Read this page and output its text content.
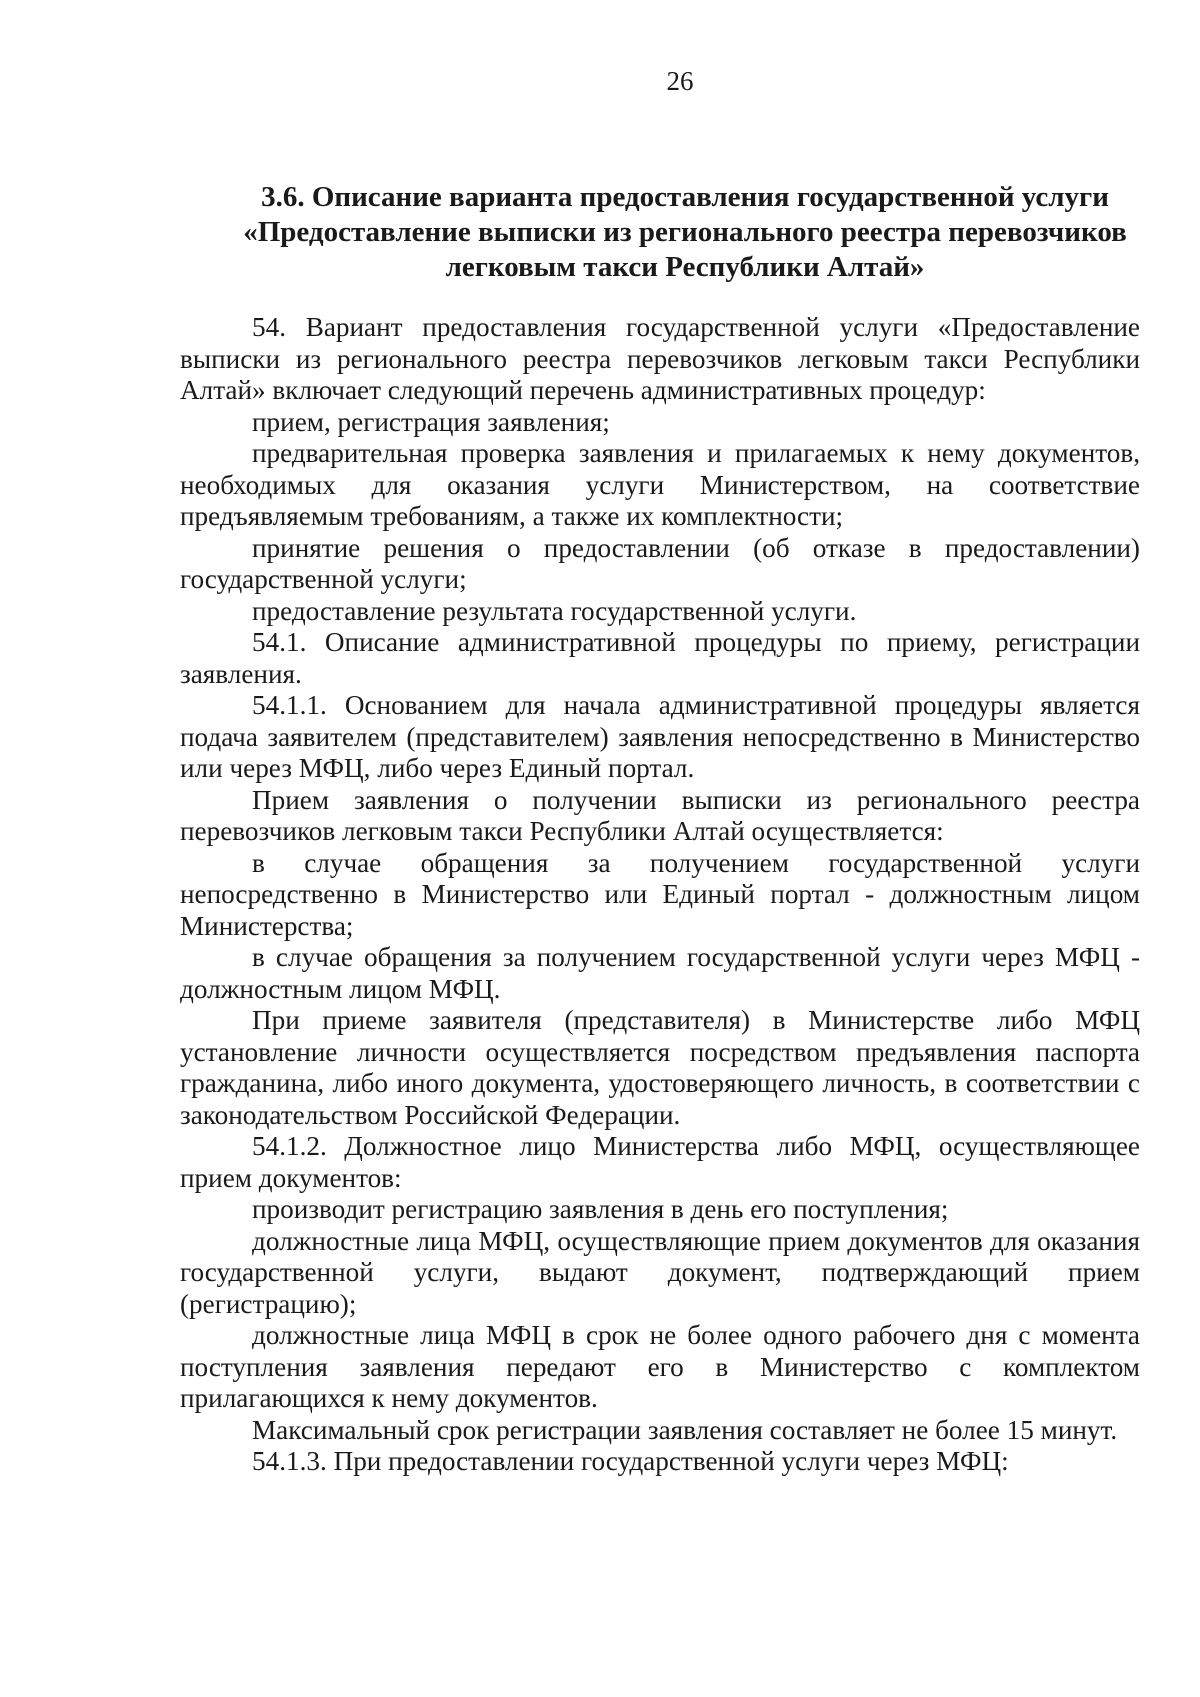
26
3.6. Описание варианта предоставления государственной услуги
«Предоставление выписки из регионального реестра перевозчиков
легковым такси Республики Алтай»

54. Вариант предоставления государственной услуги «Предоставление выписки из регионального реестра перевозчиков легковым такси Республики Алтай» включает следующий перечень административных процедур:

прием, регистрация заявления;

предварительная проверка заявления и прилагаемых к нему документов, необходимых для оказания услуги Министерством, на соответствие предъявляемым требованиям, а также их комплектности;

принятие решения о предоставлении (об отказе в предоставлении) государственной услуги;

предоставление результата государственной услуги.

54.1. Описание административной процедуры по приему, регистрации заявления.

54.1.1. Основанием для начала административной процедуры является подача заявителем (представителем) заявления непосредственно в Министерство или через МФЦ, либо через Единый портал.

Прием заявления о получении выписки из регионального реестра перевозчиков легковым такси Республики Алтай осуществляется:

в случае обращения за получением государственной услуги непосредственно в Министерство или Единый портал - должностным лицом Министерства;

в случае обращения за получением государственной услуги через МФЦ - должностным лицом МФЦ.

При приеме заявителя (представителя) в Министерстве либо МФЦ установление личности осуществляется посредством предъявления паспорта гражданина, либо иного документа, удостоверяющего личность, в соответствии с законодательством Российской Федерации.

54.1.2. Должностное лицо Министерства либо МФЦ, осуществляющее прием документов:

производит регистрацию заявления в день его поступления;

должностные лица МФЦ, осуществляющие прием документов для оказания государственной услуги, выдают документ, подтверждающий прием (регистрацию);

должностные лица МФЦ в срок не более одного рабочего дня с момента поступления заявления передают его в Министерство с комплектом прилагающихся к нему документов.

Максимальный срок регистрации заявления составляет не более 15 минут.

54.1.3. При предоставлении государственной услуги через МФЦ:
